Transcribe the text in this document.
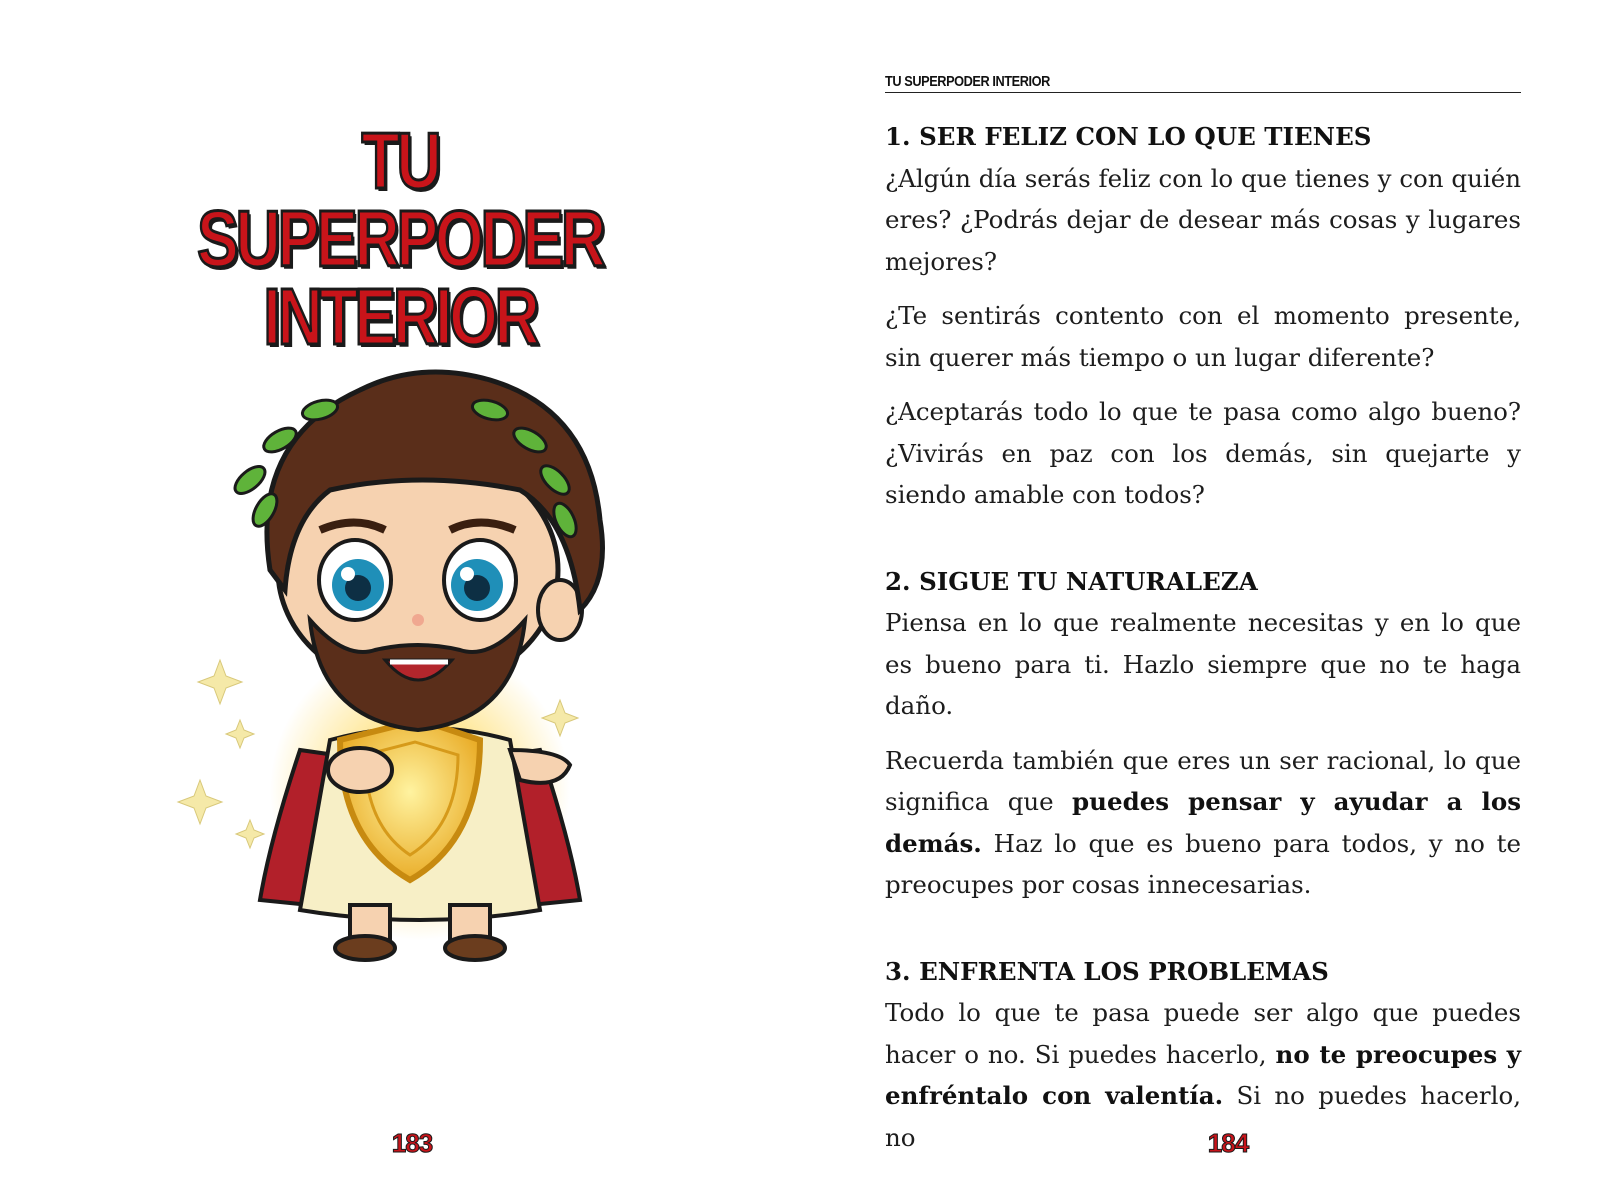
TU SUPERPODER
INTERIOR

183

TU SUPERPODER INTERIOR
1. SER FELIZ CON LO QUE TIENES

¿Algún día serás feliz con lo que tienes y con quién eres? ¿Podrás dejar de desear más cosas y lugares mejores?

¿Te sentirás contento con el momento presente, sin querer más tiempo o un lugar diferente?

¿Aceptarás todo lo que te pasa como algo bueno? ¿Vivirás en paz con los demás, sin quejarte y siendo amable con todos?

2. SIGUE TU NATURALEZA

Piensa en lo que realmente necesitas y en lo que es bueno para ti. Hazlo siempre que no te haga daño.

Recuerda también que eres un ser racional, lo que significa que puedes pensar y ayudar a los demás. Haz lo que es bueno para todos, y no te preocupes por cosas innecesarias.

3. ENFRENTA LOS PROBLEMAS

Todo lo que te pasa puede ser algo que puedes hacer o no. Si puedes hacerlo, no te preocupes y enfréntalo con valentía. Si no puedes hacerlo, no	184
